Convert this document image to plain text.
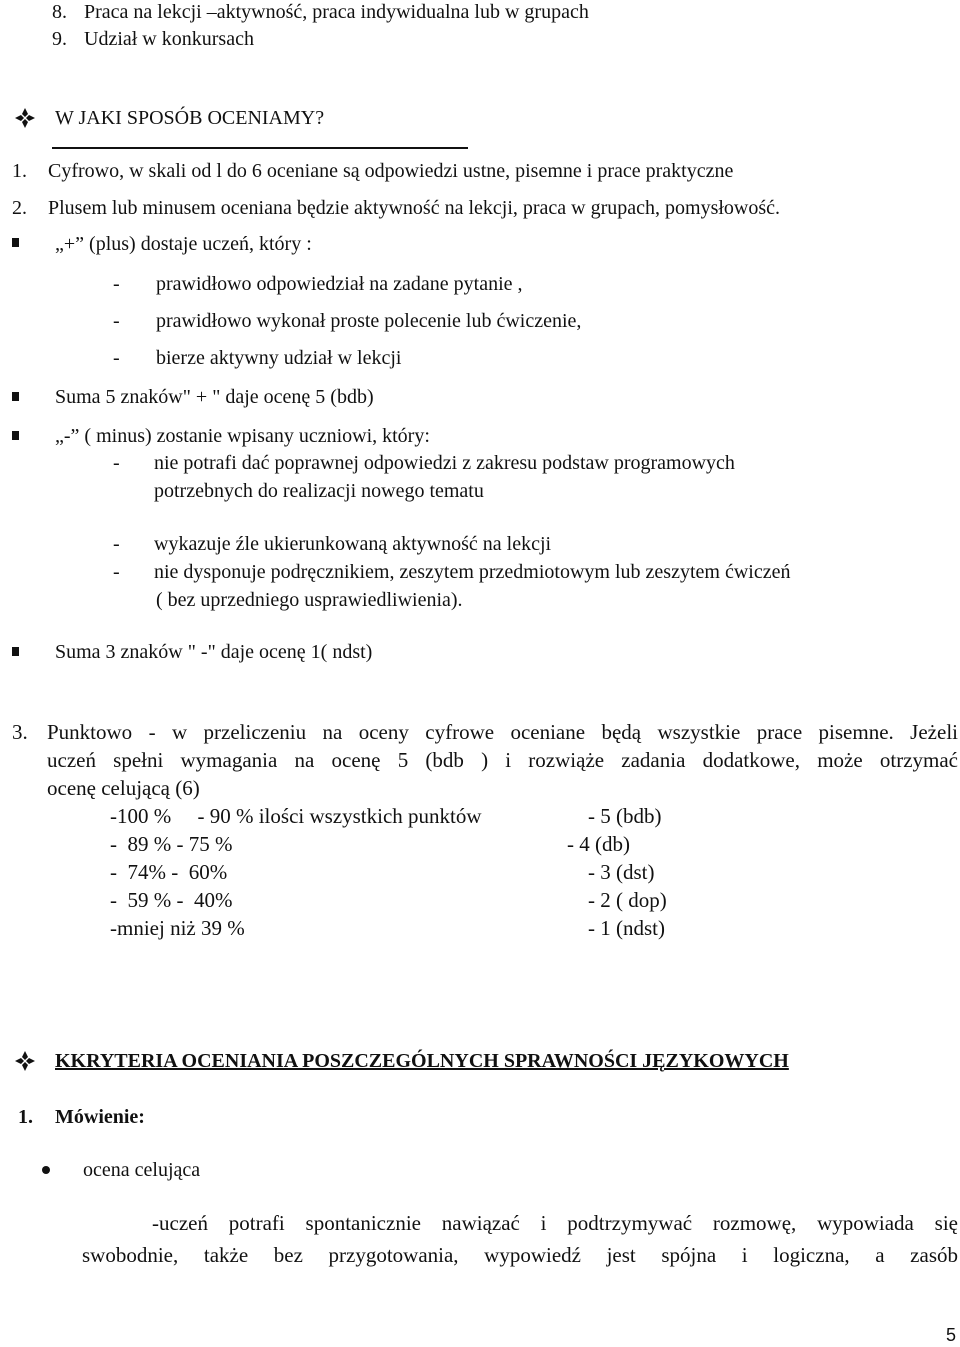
8. Praca na lekcji –aktywność, praca indywidualna lub w grupach
9. Udział w konkursach
W JAKI SPOSÓB OCENIAMY?
1. Cyfrowo, w skali od l do 6 oceniane są odpowiedzi ustne, pisemne i prace praktyczne
2. Plusem lub minusem oceniana będzie aktywność na lekcji, praca w grupach, pomysłowość.
„+” (plus) dostaje uczeń, który :
- prawidłowo odpowiedział na zadane pytanie ,
- prawidłowo wykonał proste polecenie lub ćwiczenie,
- bierze aktywny udział w lekcji
Suma 5 znaków" + " daje ocenę 5 (bdb)
„-” ( minus) zostanie wpisany uczniowi, który:
- nie potrafi dać poprawnej odpowiedzi z zakresu podstaw programowych
potrzebnych do realizacji nowego tematu
- wykazuje źle ukierunkowaną aktywność na lekcji
- nie dysponuje podręcznikiem, zeszytem przedmiotowym lub zeszytem ćwiczeń
( bez uprzedniego usprawiedliwienia).
Suma 3 znaków " -" daje ocenę 1( ndst)
3. Punktowo - w przeliczeniu na oceny cyfrowe oceniane będą wszystkie prace pisemne. Jeżeli
uczeń spełni wymagania na ocenę 5 (bdb ) i rozwiąże zadania dodatkowe, może otrzymać
ocenę celującą (6)
-100 %     - 90 % ilości wszystkich punktów	- 5 (bdb)
-  89 % - 75 %	- 4 (db)
-  74% -  60%	- 3 (dst)
-  59 % -  40%	- 2 ( dop)
-mniej niż 39 %	- 1 (ndst)
KKRYTERIA OCENIANIA POSZCZEGÓLNYCH SPRAWNOŚCI JĘZYKOWYCH
1. Mówienie:
ocena celująca
-uczeń potrafi spontanicznie nawiązać i podtrzymywać rozmowę, wypowiada się
swobodnie, także bez przygotowania, wypowiedź jest spójna i logiczna, a zasób
5
